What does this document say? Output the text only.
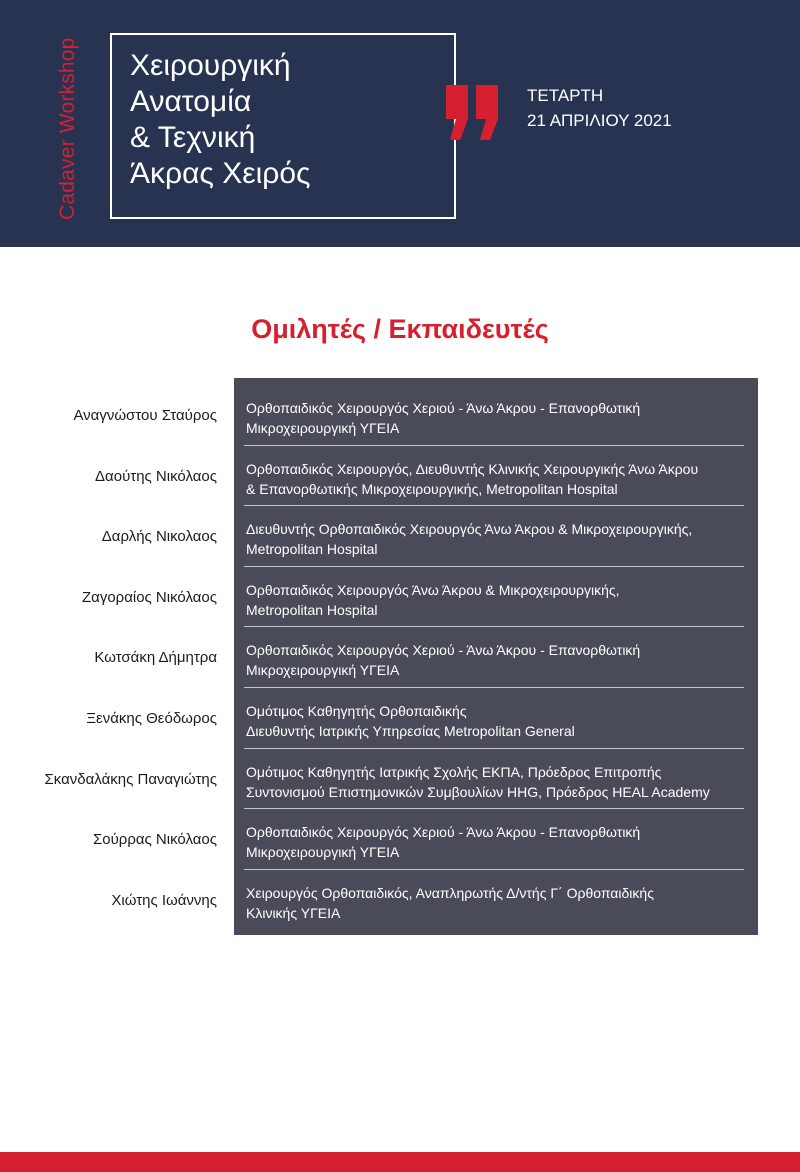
Cadaver Workshop Χειρουργική
Ανατομία
& Τεχνική
Άκρας Χειρός
ΤΕΤΑΡΤΗ
21 ΑΠΡΙΛΙΟΥ 2021
Ομιλητές / Εκπαιδευτές
Αναγνώστου Σταύρος Ορθοπαιδικός Χειρουργός Χεριού - Άνω Άκρου - Επανορθωτική
Μικροχειρουργική ΥΓΕΙΑ
Δαούτης Νικόλαος Ορθοπαιδικός Χειρουργός, Διευθυντής Κλινικής Χειρουργικής Άνω Άκρου
& Επανορθωτικής Μικροχειρουργικής, Metropolitan Hospital
Δαρλής Νικολαος Διευθυντής Ορθοπαιδικός Χειρουργός Άνω Άκρου & Μικροχειρουργικής,
Metropolitan Hospital
Ζαγοραίος Νικόλαος Ορθοπαιδικός Χειρουργός Άνω Άκρου & Μικροχειρουργικής,
Metropolitan Hospital
Κωτσάκη Δήμητρα Ορθοπαιδικός Χειρουργός Χεριού - Άνω Άκρου - Επανορθωτική
Μικροχειρουργική ΥΓΕΙΑ
Ξενάκης Θεόδωρος Ομότιμος Καθηγητής Ορθοπαιδικής
Διευθυντής Ιατρικής Υπηρεσίας Metropolitan General
Σκανδαλάκης Παναγιώτης Ομότιμος Καθηγητής Ιατρικής Σχολής ΕΚΠΑ, Πρόεδρος Επιτροπής
Συντονισμού Επιστημονικών Συμβουλίων HHG, Πρόεδρος HEAL Academy
Σούρρας Νικόλαος Ορθοπαιδικός Χειρουργός Χεριού - Άνω Άκρου - Επανορθωτική
Μικροχειρουργική ΥΓΕΙΑ
Χιώτης Ιωάννης Χειρουργός Ορθοπαιδικός, Αναπληρωτής Δ/ντής Γ΄ Ορθοπαιδικής
Κλινικής ΥΓΕΙΑ
